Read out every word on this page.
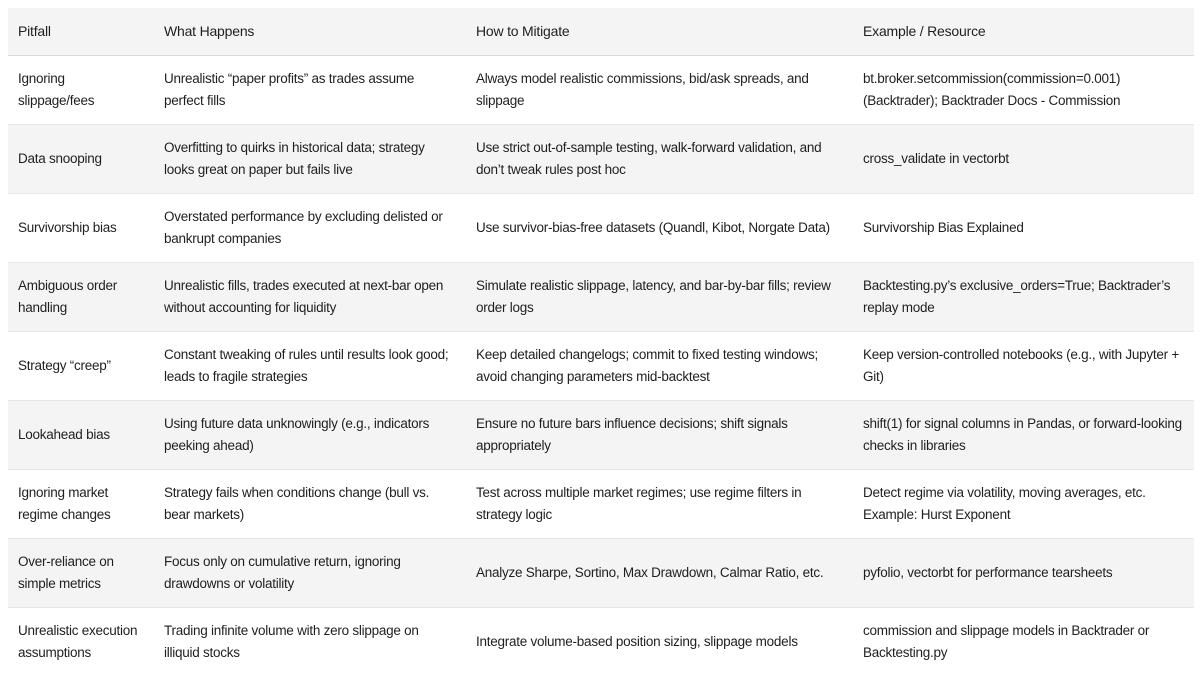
Pitfall	What Happens	How to Mitigate	Example / Resource
Ignoring slippage/fees	Unrealistic “paper profits” as trades assume perfect fills	Always model realistic commissions, bid/ask spreads, and slippage	bt.broker.setcommission(commission=0.001) (Backtrader); Backtrader Docs - Commission
Data snooping	Overfitting to quirks in historical data; strategy looks great on paper but fails live	Use strict out-of-sample testing, walk-forward validation, and don’t tweak rules post hoc	cross_validate in vectorbt
Survivorship bias	Overstated performance by excluding delisted or bankrupt companies	Use survivor-bias-free datasets (Quandl, Kibot, Norgate Data)	Survivorship Bias Explained
Ambiguous order handling	Unrealistic fills, trades executed at next-bar open without accounting for liquidity	Simulate realistic slippage, latency, and bar-by-bar fills; review order logs	Backtesting.py’s exclusive_orders=True; Backtrader’s replay mode
Strategy “creep”	Constant tweaking of rules until results look good; leads to fragile strategies	Keep detailed changelogs; commit to fixed testing windows; avoid changing parameters mid-backtest	Keep version-controlled notebooks (e.g., with Jupyter + Git)
Lookahead bias	Using future data unknowingly (e.g., indicators peeking ahead)	Ensure no future bars influence decisions; shift signals appropriately	shift(1) for signal columns in Pandas, or forward-looking checks in libraries
Ignoring market regime changes	Strategy fails when conditions change (bull vs. bear markets)	Test across multiple market regimes; use regime filters in strategy logic	Detect regime via volatility, moving averages, etc. Example: Hurst Exponent
Over-reliance on simple metrics	Focus only on cumulative return, ignoring drawdowns or volatility	Analyze Sharpe, Sortino, Max Drawdown, Calmar Ratio, etc.	pyfolio, vectorbt for performance tearsheets
Unrealistic execution assumptions	Trading infinite volume with zero slippage on illiquid stocks	Integrate volume-based position sizing, slippage models	commission and slippage models in Backtrader or Backtesting.py
